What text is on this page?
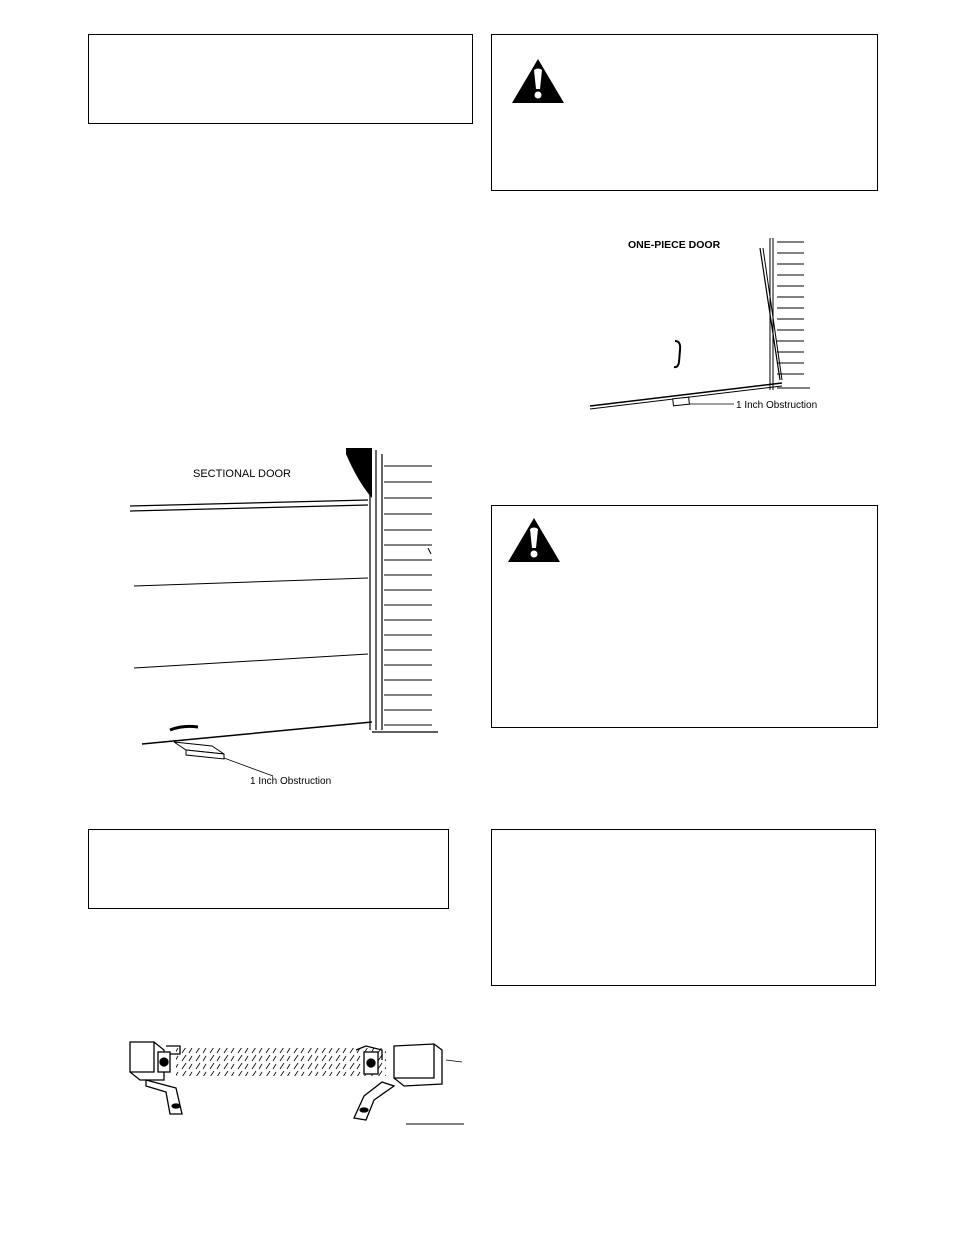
ONE-PIECE DOOR
1 Inch Obstruction
SECTIONAL DOOR
1 Inch Obstruction
